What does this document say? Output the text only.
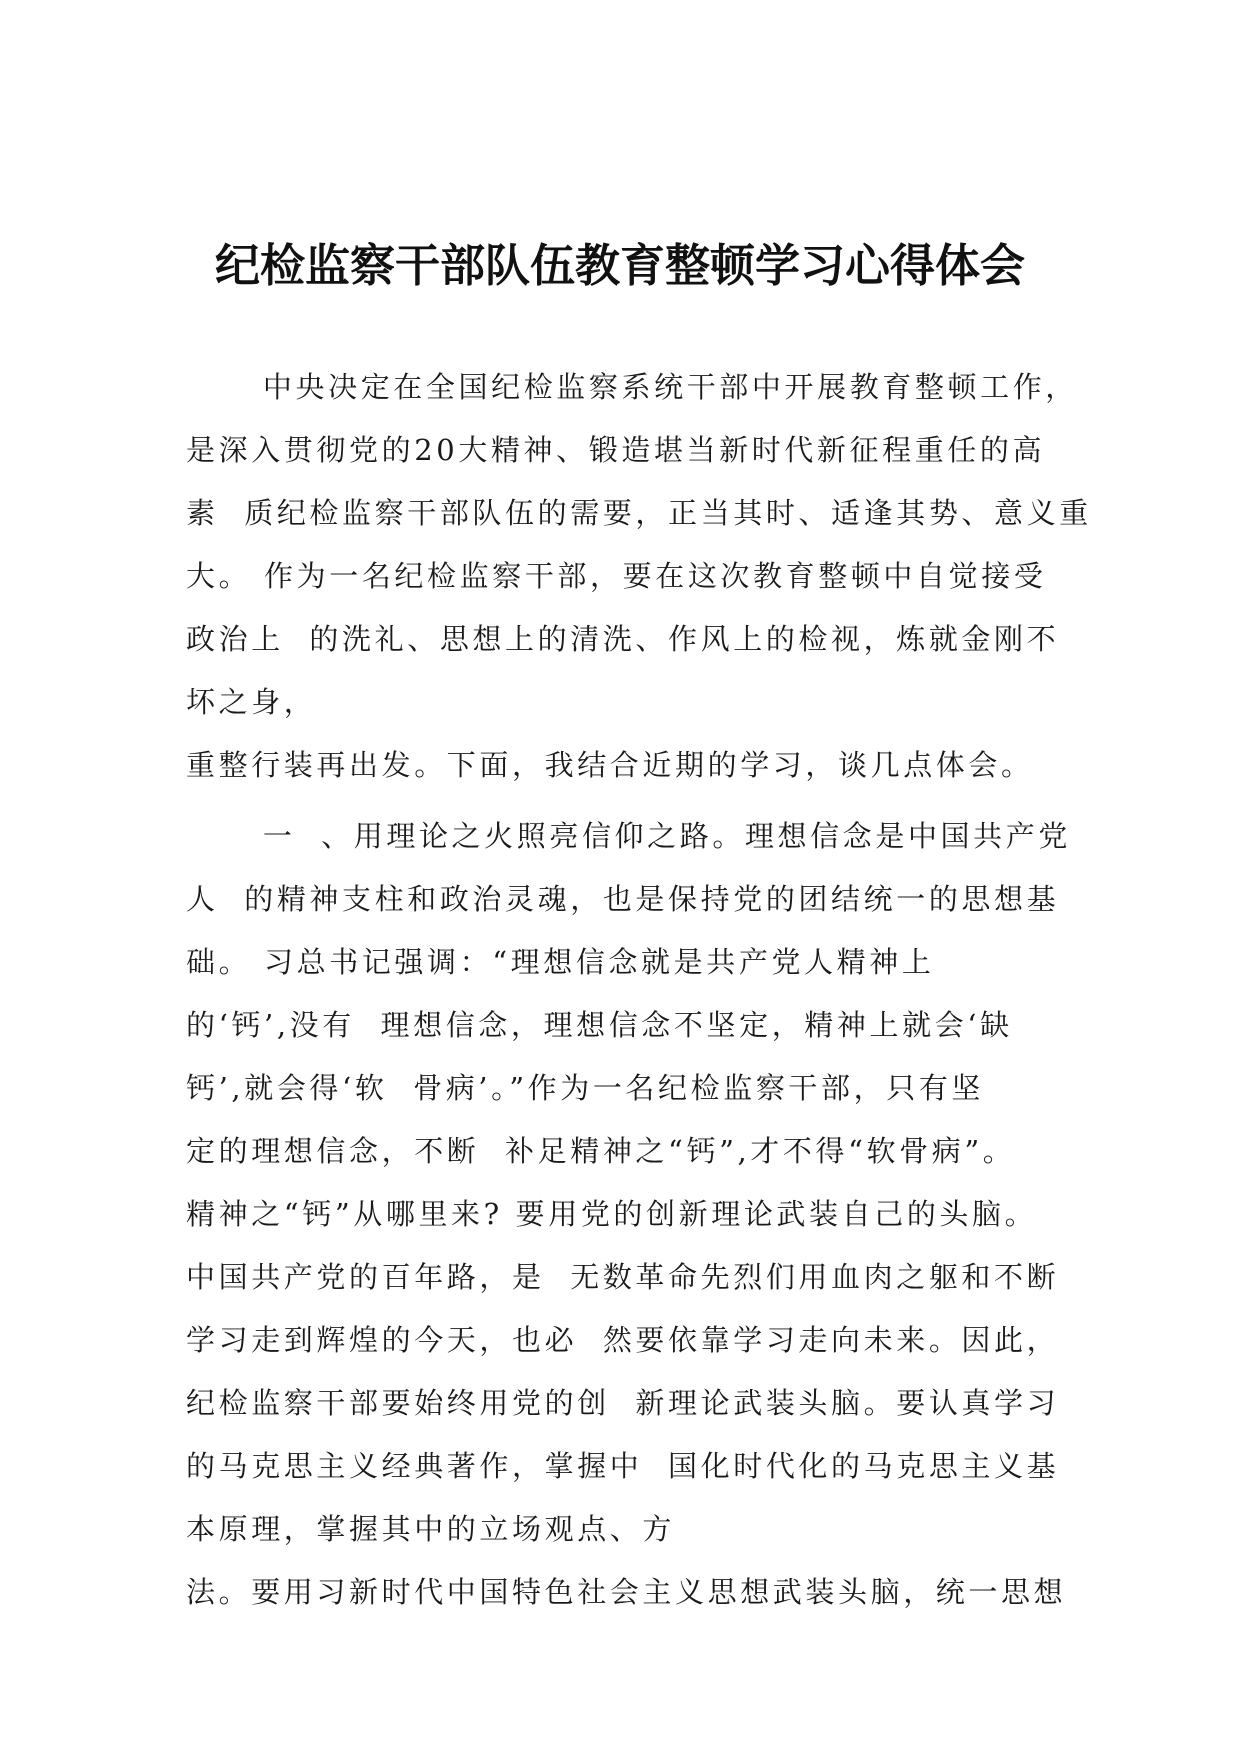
纪检监察干部队伍教育整顿学习心得体会
中央决定在全国纪检监察系统干部中开展教育整顿工作，
是深入贯彻党的20大精神、锻造堪当新时代新征程重任的高
素  质纪检监察干部队伍的需要，正当其时、适逢其势、意义重
大。 作为一名纪检监察干部，要在这次教育整顿中自觉接受
政治上  的洗礼、思想上的清洗、作风上的检视，炼就金刚不
坏之身，
重整行装再出发。下面，我结合近期的学习，谈几点体会。
一  、用理论之火照亮信仰之路。理想信念是中国共产党
人  的精神支柱和政治灵魂，也是保持党的团结统一的思想基
础。 习总书记强调：“理想信念就是共产党人精神上
的‘钙’,没有  理想信念，理想信念不坚定，精神上就会‘缺
钙’,就会得‘软  骨病’。”作为一名纪检监察干部，只有坚
定的理想信念，不断  补足精神之“钙”,才不得“软骨病”。
精神之“钙”从哪里来? 要用党的创新理论武装自己的头脑。
中国共产党的百年路，是  无数革命先烈们用血肉之躯和不断
学习走到辉煌的今天，也必  然要依靠学习走向未来。因此，
纪检监察干部要始终用党的创  新理论武装头脑。要认真学习
的马克思主义经典著作，掌握中  国化时代化的马克思主义基
本原理，掌握其中的立场观点、方
法。要用习新时代中国特色社会主义思想武装头脑，统一思想
